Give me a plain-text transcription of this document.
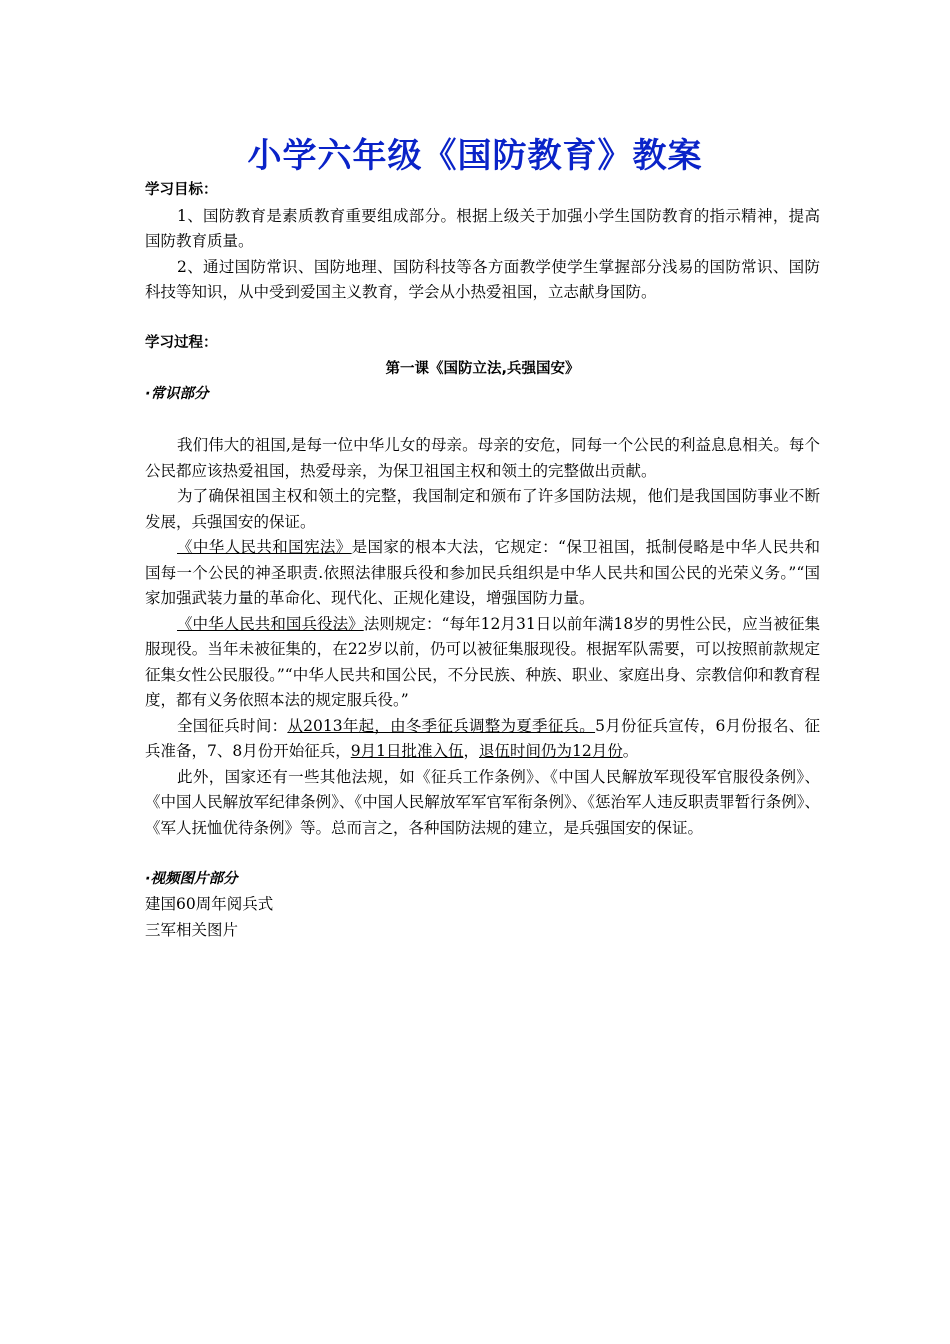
小学六年级《国防教育》教案
学习目标：

1、国防教育是素质教育重要组成部分。根据上级关于加强小学生国防教育的指示精神，提高国防教育质量。

2、通过国防常识、国防地理、国防科技等各方面教学使学生掌握部分浅易的国防常识、国防科技等知识，从中受到爱国主义教育，学会从小热爱祖国，立志献身国防。

学习过程：
第一课《国防立法,兵强国安》
·常识部分

我们伟大的祖国,是每一位中华儿女的母亲。母亲的安危，同每一个公民的利益息息相关。每个公民都应该热爱祖国，热爱母亲，为保卫祖国主权和领土的完整做出贡献。

为了确保祖国主权和领土的完整，我国制定和颁布了许多国防法规，他们是我国国防事业不断发展，兵强国安的保证。

《中华人民共和国宪法》是国家的根本大法，它规定：“保卫祖国，抵制侵略是中华人民共和国每一个公民的神圣职责.依照法律服兵役和参加民兵组织是中华人民共和国公民的光荣义务。”“国家加强武装力量的革命化、现代化、正规化建设，增强国防力量。

《中华人民共和国兵役法》法则规定：“每年12月31日以前年满18岁的男性公民，应当被征集服现役。当年未被征集的，在22岁以前，仍可以被征集服现役。根据军队需要，可以按照前款规定征集女性公民服役。”“中华人民共和国公民，不分民族、种族、职业、家庭出身、宗教信仰和教育程度，都有义务依照本法的规定服兵役。”

全国征兵时间：从2013年起，由冬季征兵调整为夏季征兵。5月份征兵宣传，6月份报名、征兵准备，7、8月份开始征兵，9月1日批准入伍，退伍时间仍为12月份。

此外，国家还有一些其他法规，如《征兵工作条例》、《中国人民解放军现役军官服役条例》、《中国人民解放军纪律条例》、《中国人民解放军军官军衔条例》、《惩治军人违反职责罪暂行条例》、《军人抚恤优待条例》等。总而言之，各种国防法规的建立，是兵强国安的保证。

·视频图片部分

建国60周年阅兵式

三军相关图片
